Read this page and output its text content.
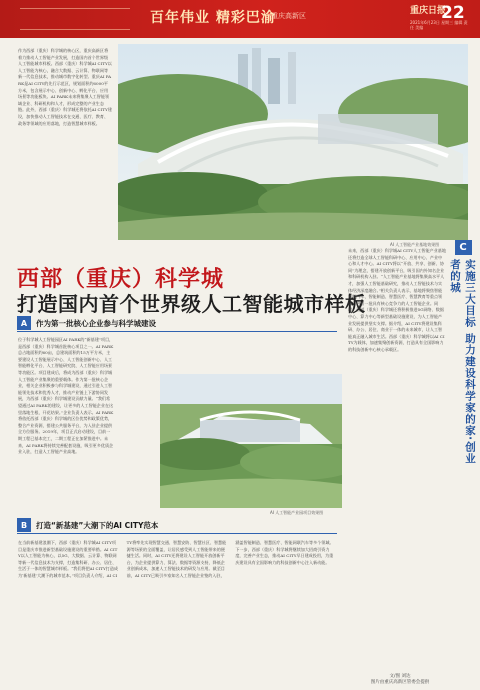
百年伟业 精彩巴渝
重庆高新区	重庆日报
22
2021年6月23日 星期三 编辑 责任 美编
作为西部（重庆）科学城的核心区，重庆高新区将着力推动人工智能产业发展，打造国内首个世界级人工智能城市样板。西部（重庆）科学城AI CITY以人工智能为核心，融合大数据、云计算、物联网等新一代信息技术，推动城市数字化转型。重庆AI PARK是AI CITY的先行示范区，规划面积约6000平方米，包含展示中心、创新中心、孵化平台、应用场景等功能板块。AI PARK未来将集聚人工智能领域企业、科研机构和人才，形成完整的产业生态链。此外，西部（重庆）科学城还将依托AI CITY建设，加快推动人工智能技术在交通、医疗、教育、政务等领域的应用落地，打造智慧城市样板。
AI 人工智能产业基地效果图
西部（重庆）科学城
打造国内首个世界级人工智能城市样板
未来，西部（重庆）科学城AI CITY人工智能产业基地还将打造全球人工智能科研中心、应用中心、产业中心和人才中心。AI CITY将以“开放、共享、创新、协同”为理念，搭建开放创新平台，吸引国内外知名企业和科研机构入驻。“人工智能产业基地将集聚高水平人才，加强人工智能基础研究，推动人工智能技术与实体经济深度融合。”相关负责人表示，基地将聚焦智能网联汽车、智能制造、智慧医疗、智慧教育等重点领域，培育一批具有核心竞争力的人工智能企业。同时，西部（重庆）科学城还将积极推进5G网络、数据中心、算力中心等新型基础设施建设，为人工智能产业发展提供坚实支撑。据介绍，AI CITY将建设集科研、办公、居住、商业于一体的未来城市，让人工智能真正融入城市生活。西部（重庆）科学城将以AI CITY为载体，加速集聚创新资源，打造具有全国影响力的科技创新中心核心承载区。
C
实施三大目标 助力建设科学家的家·创业者的城
A	作为第一批核心企业参与科学城建设
位于科学城人工智能园区AI PARK的“新基建”项目，是西部（重庆）科学城首批核心项目之一。AI PARK总占地面积约60亩，总建筑面积约15万平方米，主要建设人工智能展示中心、人工智能创新中心、人工智能孵化平台、人工智能研究院、人工智能应用场景等功能区。项目建成后，将成为西部（重庆）科学城人工智能产业集聚的重要载体。作为第一批核心企业，相关企业积极参与科学城建设，通过引进人工智能领先技术和优秀人才，推动产业链上下游协同发展，为西部（重庆）科学城建设贡献力量。“我们希望通过AI PARK的建设，让更多的人工智能企业在这里落地生根、开花结果。”企业负责人表示。AI PARK将依托西部（重庆）科学城的区位优势和政策优势，整合产业资源，搭建公共服务平台，为入驻企业提供全方位服务。2019年，项目正式启动建设，目前一期工程已基本完工，二期工程正在加紧推进中。未来，AI PARK将持续完善配套设施，吸引更多优质企业入驻，打造人工智能产业高地。
AI 人工智能产业园项目效果图
B	打造“新基建”大潮下的AI CITY范本
在当前新基建浪潮下，西部（重庆）科学城AI CITY项目是重庆市推进新型基础设施建设的重要举措。AI CITY以人工智能为核心，以5G、大数据、云计算、物联网等新一代信息技术为支撑，打造集科研、办公、居住、生活于一体的智慧城市样板。“我们将把AI CITY打造成为‘新基建’大潮下的城市范本。”项目负责人介绍，AI CITY将率先实现智慧交通、智慧安防、智慧社区、智慧能源等场景的全面覆盖，让居民感受到人工智能带来的便捷生活。同时，AI CITY还将建设人工智能开放创新平台，为企业提供算力、算法、数据等资源支持，降低企业创新成本，加速人工智能技术的研发与应用。截至目前，AI CITY已吸引多家知名人工智能企业签约入驻，涵盖智能制造、智慧医疗、智能网联汽车等多个领域。下一步，西部（重庆）科学城将继续加大招商引资力度，完善产业生态，推动AI CITY早日建成投用，为重庆建设具有全国影响力的科技创新中心注入新动能。
文/图 刘达
图片由重庆高新区管委会提供
